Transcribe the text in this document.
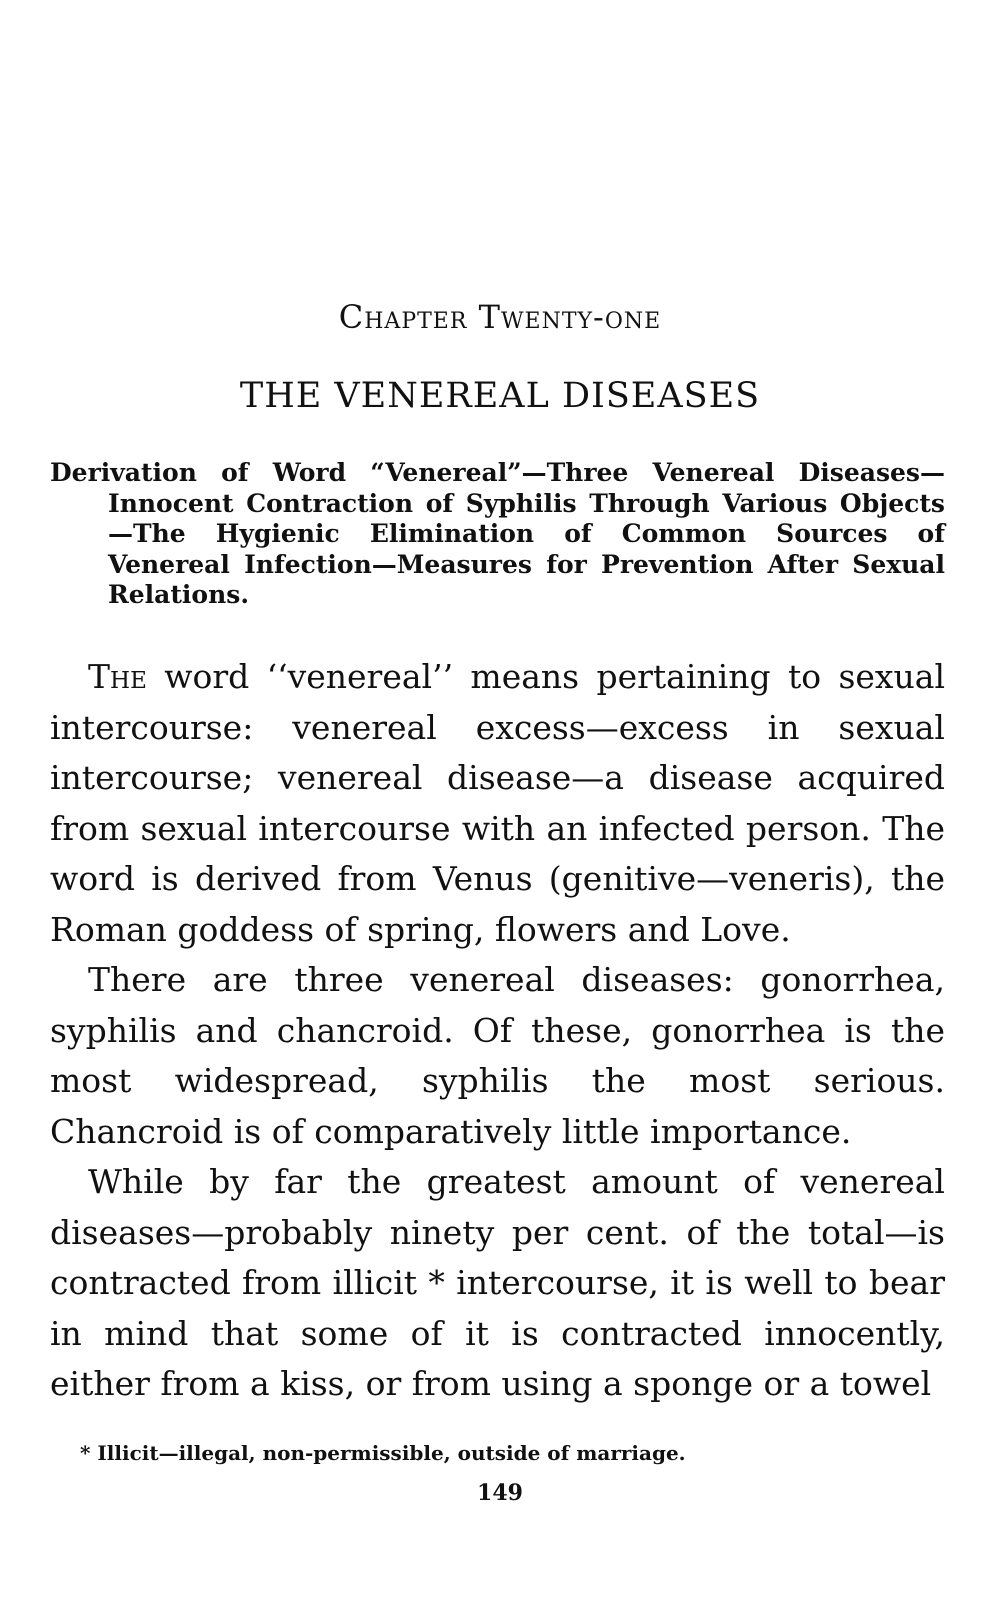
Chapter Twenty-one
THE VENEREAL DISEASES

Derivation of Word “Venereal”—Three Venereal Diseases—Innocent Contraction of Syphilis Through Various Objects—The Hygienic Elimination of Common Sources of Venereal Infection—Measures for Prevention After Sexual Relations.

The word ‘‘venereal’’ means pertaining to sexual intercourse: venereal excess—excess in sexual intercourse; venereal disease—a disease acquired from sexual intercourse with an infected person. The word is derived from Venus (genitive—veneris), the Roman goddess of spring, flowers and Love.

There are three venereal diseases: gonorrhea, syphilis and chancroid. Of these, gonorrhea is the most widespread, syphilis the most serious. Chancroid is of comparatively little importance.

While by far the greatest amount of venereal diseases—probably ninety per cent. of the total—is contracted from illicit * intercourse, it is well to bear in mind that some of it is contracted innocently, either from a kiss, or from using a sponge or a towel

* Illicit—illegal, non-permissible, outside of marriage.
149
